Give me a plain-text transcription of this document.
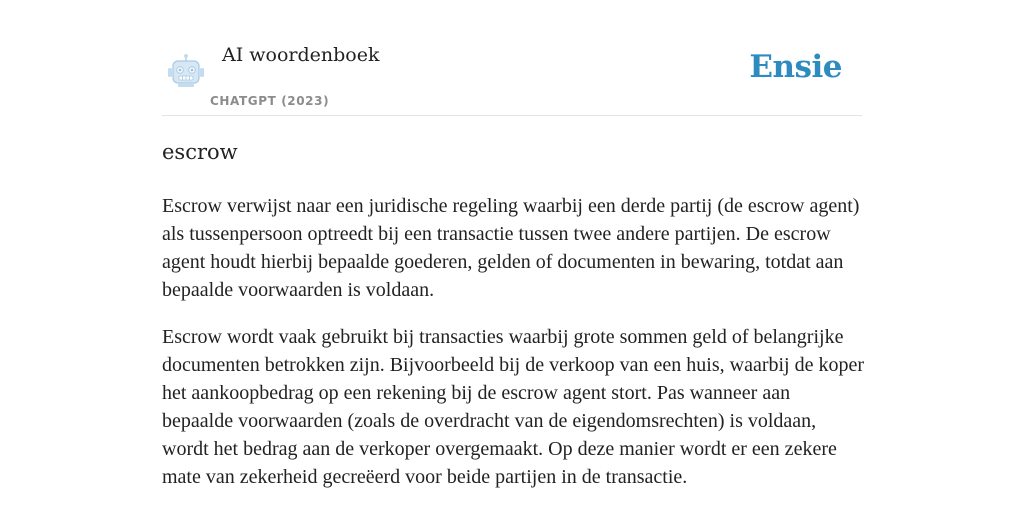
AI woordenboek
CHATGPT (2023)
Ensie
escrow

Escrow verwijst naar een juridische regeling waarbij een derde partij (de escrow agent) als tussenpersoon optreedt bij een transactie tussen twee andere partijen. De escrow agent houdt hierbij bepaalde goederen, gelden of documenten in bewaring, totdat aan bepaalde voorwaarden is voldaan.

Escrow wordt vaak gebruikt bij transacties waarbij grote sommen geld of belangrijke documenten betrokken zijn. Bijvoorbeeld bij de verkoop van een huis, waarbij de koper het aankoopbedrag op een rekening bij de escrow agent stort. Pas wanneer aan bepaalde voorwaarden (zoals de overdracht van de eigendomsrechten) is voldaan, wordt het bedrag aan de verkoper overgemaakt. Op deze manier wordt er een zekere mate van zekerheid gecreëerd voor beide partijen in de transactie.
